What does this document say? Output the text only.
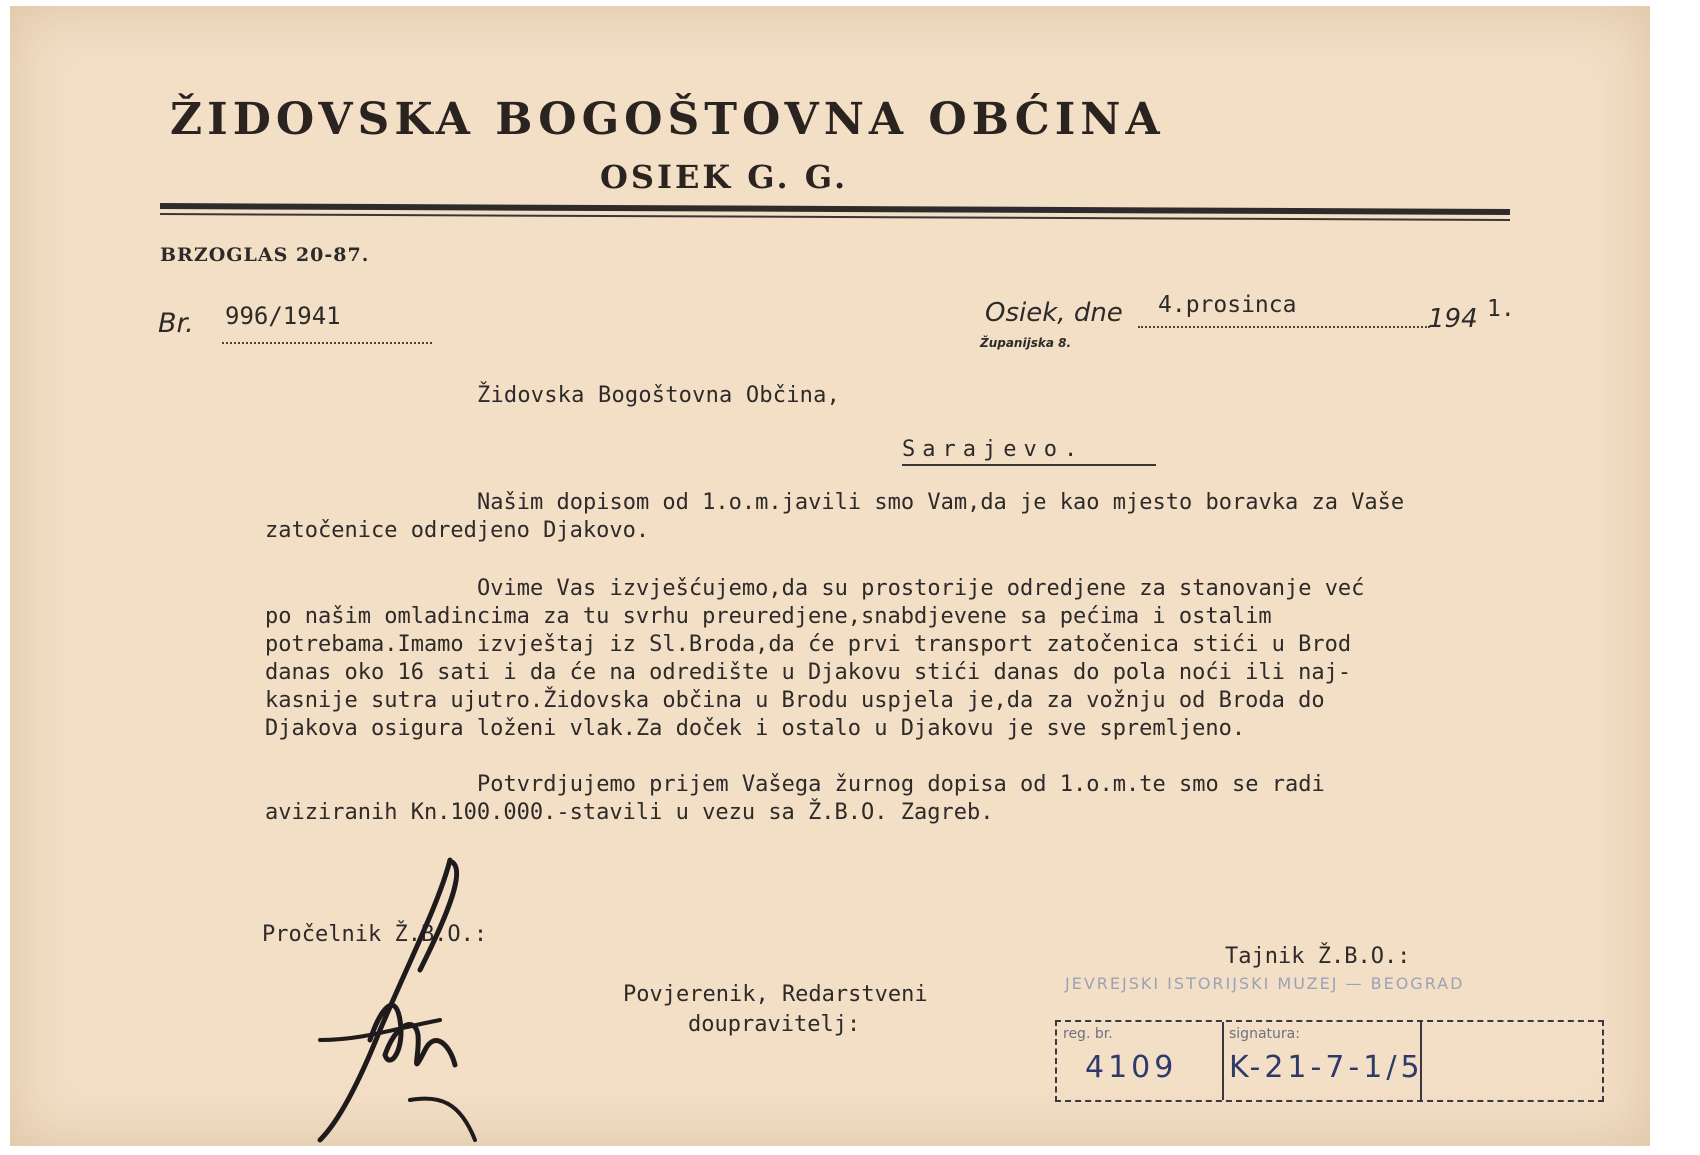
ŽIDOVSKA BOGOŠTOVNA OBĆINA
OSIEK G. G.
BRZOGLAS 20-87.
Br. 996/1941	Osiek, dne 4.prosinca	194 1.
Županijska 8.
Židovska Bogoštovna Občina,
Sarajevo.
Našim dopisom od 1.o.m.javili smo Vam,da je kao mjesto boravka za Vaše
zatočenice odredjeno Djakovo.
Ovime Vas izvješćujemo,da su prostorije odredjene za stanovanje već
po našim omladincima za tu svrhu preuredjene,snabdjevene sa pećima i ostalim
potrebama.Imamo izvještaj iz Sl.Broda,da će prvi transport zatočenica stići u Brod
danas oko 16 sati i da će na odredište u Djakovu stići danas do pola noći ili naj-
kasnije sutra ujutro.Židovska občina u Brodu uspjela je,da za vožnju od Broda do
Djakova osigura loženi vlak.Za doček i ostalo u Djakovu je sve spremljeno.
Potvrdjujemo prijem Vašega žurnog dopisa od 1.o.m.te smo se radi
aviziranih Kn.100.000.-stavili u vezu sa Ž.B.O. Zagreb.
Pročelnik Ž.B.O.:
Povjerenik, Redarstveni
doupravitelj:
Tajnik Ž.B.O.:
JEVREJSKI ISTORIJSKI MUZEJ — BEOGRAD
reg. br.
4109
signatura:
K-21-7-1/5
